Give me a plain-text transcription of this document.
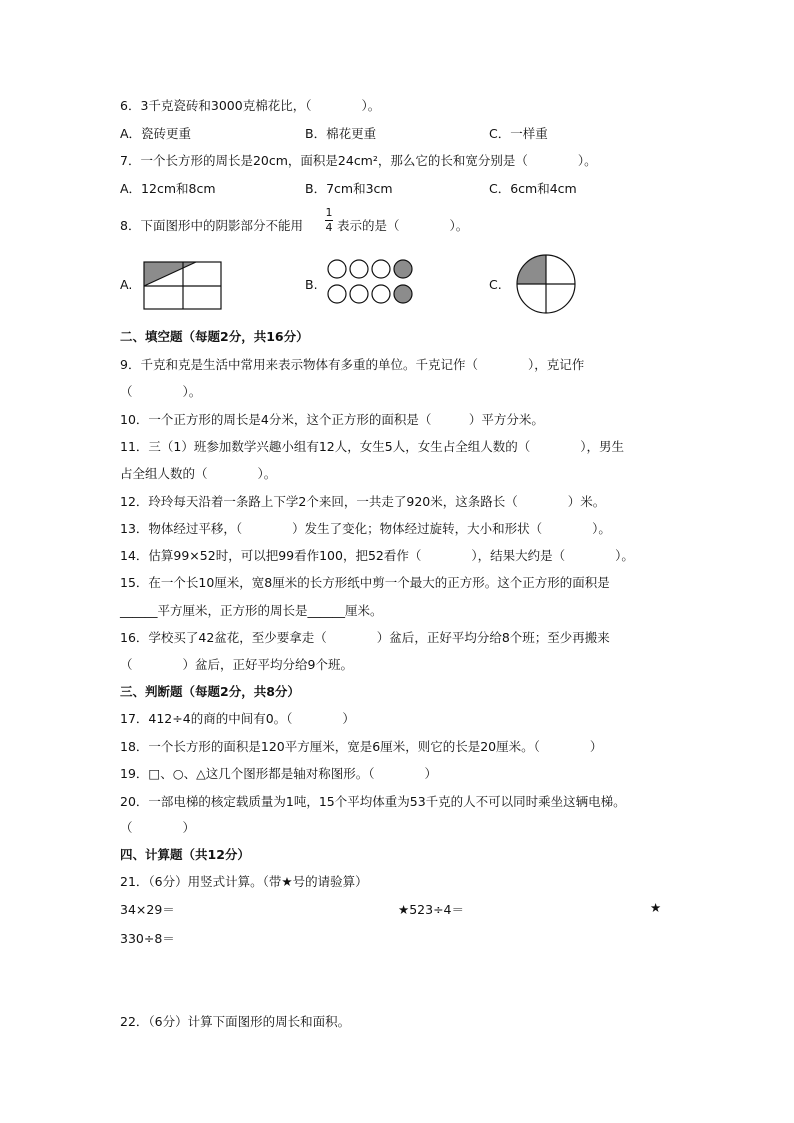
6．3千克瓷砖和3000克棉花比，（　　　　）。
A．瓷砖更重	B．棉花更重	C．一样重
7．一个长方形的周长是20cm，面积是24cm²，那么它的长和宽分别是（　　　　）。
A．12cm和8cm	B．7cm和3cm	C．6cm和4cm
8．下面图形中的阴影部分不能用
1
4 表示的是（　　　　）。
A.	B.	C.
二、填空题（每题2分，共16分）
9．千克和克是生活中常用来表示物体有多重的单位。千克记作（　　　　），克记作
（　　　　）。
10．一个正方形的周长是4分米，这个正方形的面积是（　　　）平方分米。
11．三（1）班参加数学兴趣小组有12人，女生5人，女生占全组人数的（　　　　），男生
占全组人数的（　　　　）。
12．玲玲每天沿着一条路上下学2个来回，一共走了920米，这条路长（　　　　）米。
13．物体经过平移，（　　　　）发生了变化；物体经过旋转，大小和形状（　　　　）。
14．估算99×52时，可以把99看作100，把52看作（　　　　），结果大约是（　　　　）。
15．在一个长10厘米，宽8厘米的长方形纸中剪一个最大的正方形。这个正方形的面积是
______平方厘米，正方形的周长是______厘米。
16．学校买了42盆花，至少要拿走（　　　　）盆后，正好平均分给8个班；至少再搬来
（　　　　）盆后，正好平均分给9个班。
三、判断题（每题2分，共8分）
17．412÷4的商的中间有0。（　　　　）
18．一个长方形的面积是120平方厘米，宽是6厘米，则它的长是20厘米。（　　　　）
19．□、○、△这几个图形都是轴对称图形。（　　　　）
20．一部电梯的核定载质量为1吨，15个平均体重为53千克的人不可以同时乘坐这辆电梯。
（　　　　）
四、计算题（共12分）
21．（6分）用竖式计算。（带★号的请验算）
34×29＝	★523÷4＝	★
330÷8＝
22．（6分）计算下面图形的周长和面积。
